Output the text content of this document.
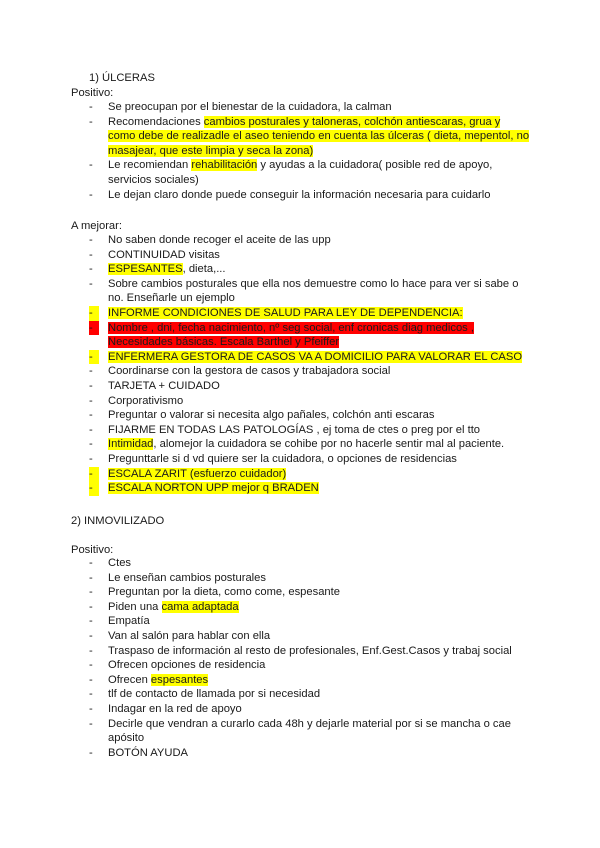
1) ÚLCERAS
Positivo:
-	Se preocupan por el bienestar de la cuidadora, la calman
-	Recomendaciones cambios posturales y taloneras, colchón antiescaras, grua y
como debe de realizadle el aseo teniendo en cuenta las úlceras ( dieta, mepentol, no
masajear, que este limpia y seca la zona)
-	Le recomiendan rehabilitación y ayudas a la cuidadora( posible red de apoyo,
servicios sociales)
-	Le dejan claro donde puede conseguir la información necesaria para cuidarlo
A mejorar:
-	No saben donde recoger el aceite de las upp
-	CONTINUIDAD visitas
-	ESPESANTES, dieta,...
-	Sobre cambios posturales que ella nos demuestre como lo hace para ver si sabe o
no. Enseñarle un ejemplo
-	INFORME CONDICIONES DE SALUD PARA LEY DE DEPENDENCIA:
-	Nombre , dni, fecha nacimiento, nº seg social, enf cronicas diag medicos ,
Necesidades básicas. Escala Barthel y Pfeiffer
-	ENFERMERA GESTORA DE CASOS VA A DOMICILIO PARA VALORAR EL CASO
-	Coordinarse con la gestora de casos y trabajadora social
-	TARJETA + CUIDADO
-	Corporativismo
-	Preguntar o valorar si necesita algo pañales, colchón anti escaras
-	FIJARME EN TODAS LAS PATOLOGÍAS , ej toma de ctes o preg por el tto
-	Intimidad, alomejor la cuidadora se cohibe por no hacerle sentir mal al paciente.
-	Pregunttarle si d vd quiere ser la cuidadora, o opciones de residencias
-	ESCALA ZARIT (esfuerzo cuidador)
-	ESCALA NORTON UPP mejor q BRADEN
2) INMOVILIZADO
Positivo:
-	Ctes
-	Le enseñan cambios posturales
-	Preguntan por la dieta, como come, espesante
-	Piden una cama adaptada
-	Empatía
-	Van al salón para hablar con ella
-	Traspaso de información al resto de profesionales, Enf.Gest.Casos y trabaj social
-	Ofrecen opciones de residencia
-	Ofrecen espesantes
-	tlf de contacto de llamada por si necesidad
-	Indagar en la red de apoyo
-	Decirle que vendran a curarlo cada 48h y dejarle material por si se mancha o cae
apósito
-	BOTÓN AYUDA
